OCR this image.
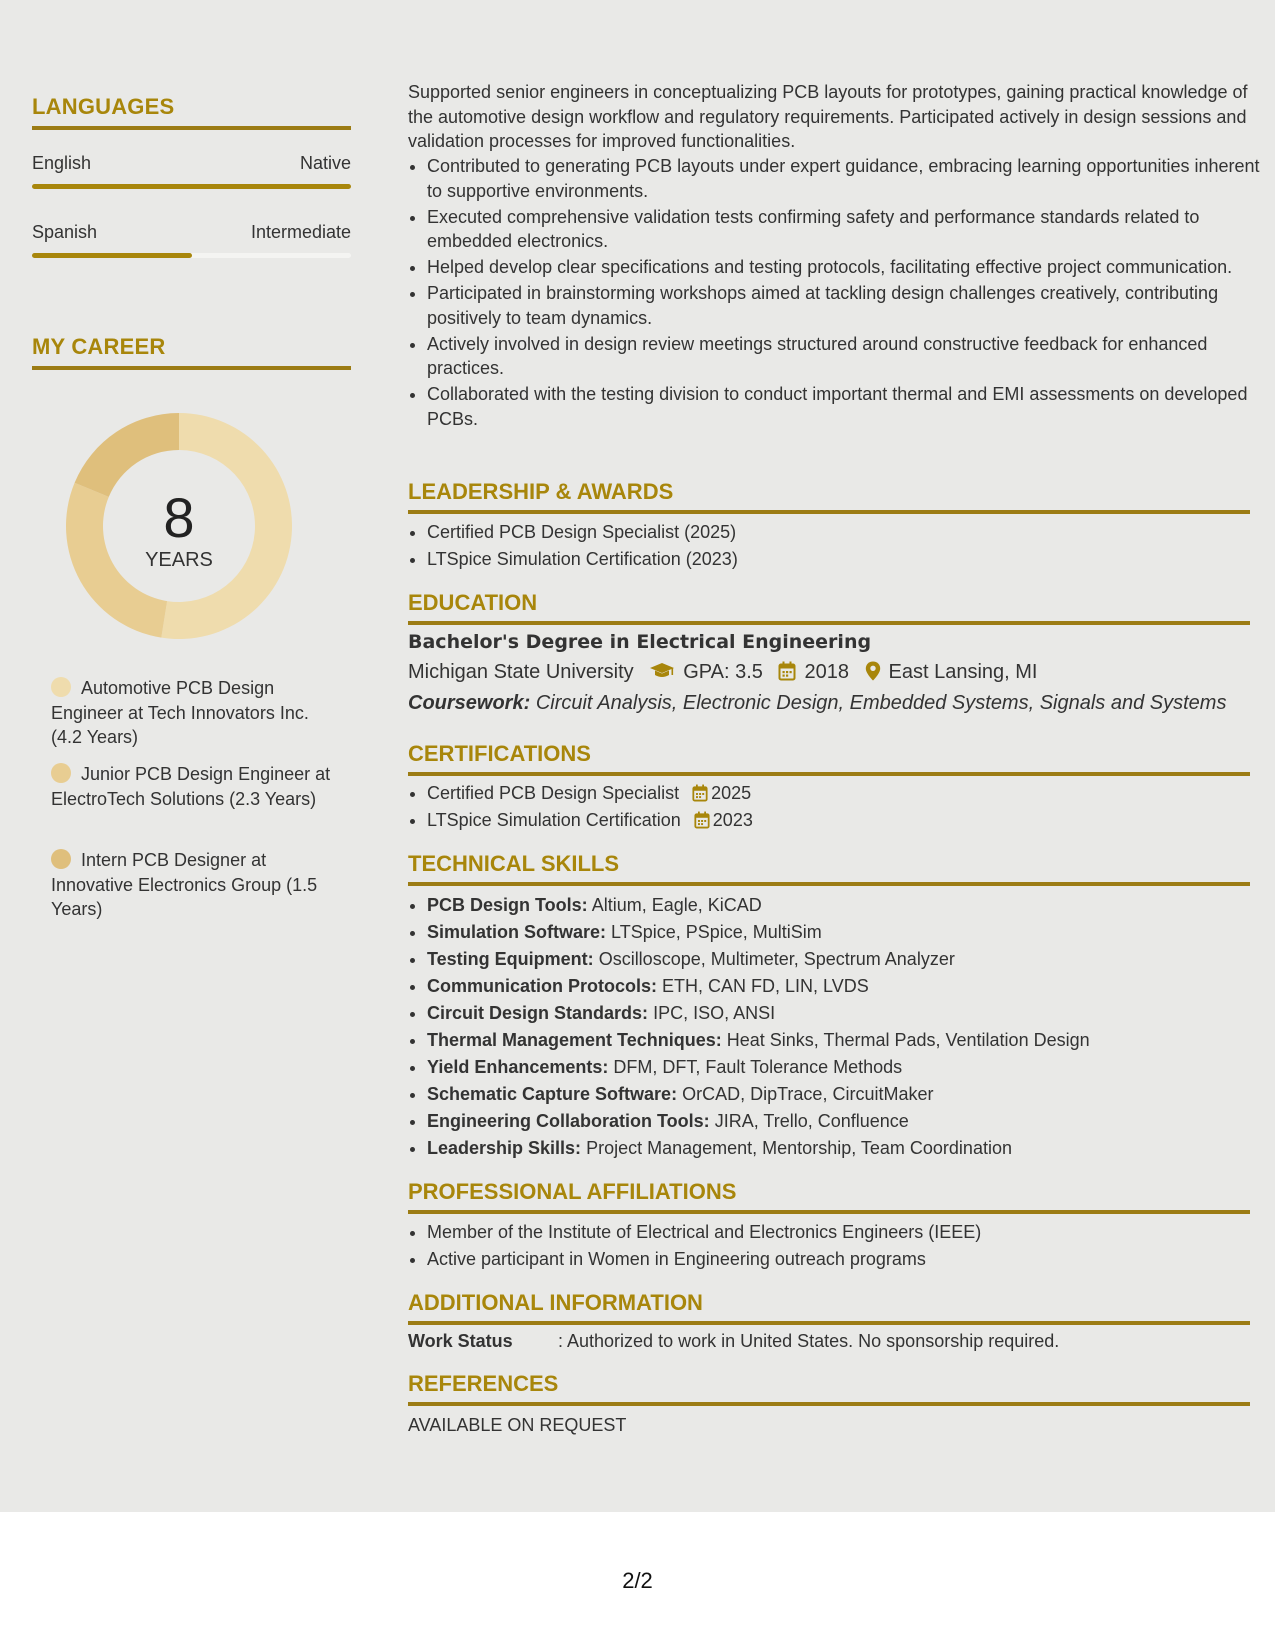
LANGUAGES
English	Native
Spanish	Intermediate
MY CAREER
8
YEARS
Automotive PCB Design Engineer at Tech Innovators Inc. (4.2 Years)
Junior PCB Design Engineer at ElectroTech Solutions (2.3 Years)
Intern PCB Designer at Innovative Electronics Group (1.5 Years)

Supported senior engineers in conceptualizing PCB layouts for prototypes, gaining practical knowledge of the automotive design workflow and regulatory requirements. Participated actively in design sessions and validation processes for improved functionalities.

• Contributed to generating PCB layouts under expert guidance, embracing learning opportunities inherent to supportive environments.
• Executed comprehensive validation tests confirming safety and performance standards related to embedded electronics.
• Helped develop clear specifications and testing protocols, facilitating effective project communication.
• Participated in brainstorming workshops aimed at tackling design challenges creatively, contributing positively to team dynamics.
• Actively involved in design review meetings structured around constructive feedback for enhanced practices.
• Collaborated with the testing division to conduct important thermal and EMI assessments on developed PCBs.
LEADERSHIP & AWARDS
• Certified PCB Design Specialist (2025)
• LTSpice Simulation Certification (2023)
EDUCATION
Bachelor's Degree in Electrical Engineering
Michigan State University GPA: 3.5 2018 East Lansing, MI
Coursework: Circuit Analysis, Electronic Design, Embedded Systems, Signals and Systems
CERTIFICATIONS
• Certified PCB Design Specialist 2025
• LTSpice Simulation Certification 2023
TECHNICAL SKILLS
• PCB Design Tools: Altium, Eagle, KiCAD
• Simulation Software: LTSpice, PSpice, MultiSim
• Testing Equipment: Oscilloscope, Multimeter, Spectrum Analyzer
• Communication Protocols: ETH, CAN FD, LIN, LVDS
• Circuit Design Standards: IPC, ISO, ANSI
• Thermal Management Techniques: Heat Sinks, Thermal Pads, Ventilation Design
• Yield Enhancements: DFM, DFT, Fault Tolerance Methods
• Schematic Capture Software: OrCAD, DipTrace, CircuitMaker
• Engineering Collaboration Tools: JIRA, Trello, Confluence
• Leadership Skills: Project Management, Mentorship, Team Coordination
PROFESSIONAL AFFILIATIONS
• Member of the Institute of Electrical and Electronics Engineers (IEEE)
• Active participant in Women in Engineering outreach programs
ADDITIONAL INFORMATION
Work Status	: Authorized to work in United States. No sponsorship required.
REFERENCES
AVAILABLE ON REQUEST
2/2
